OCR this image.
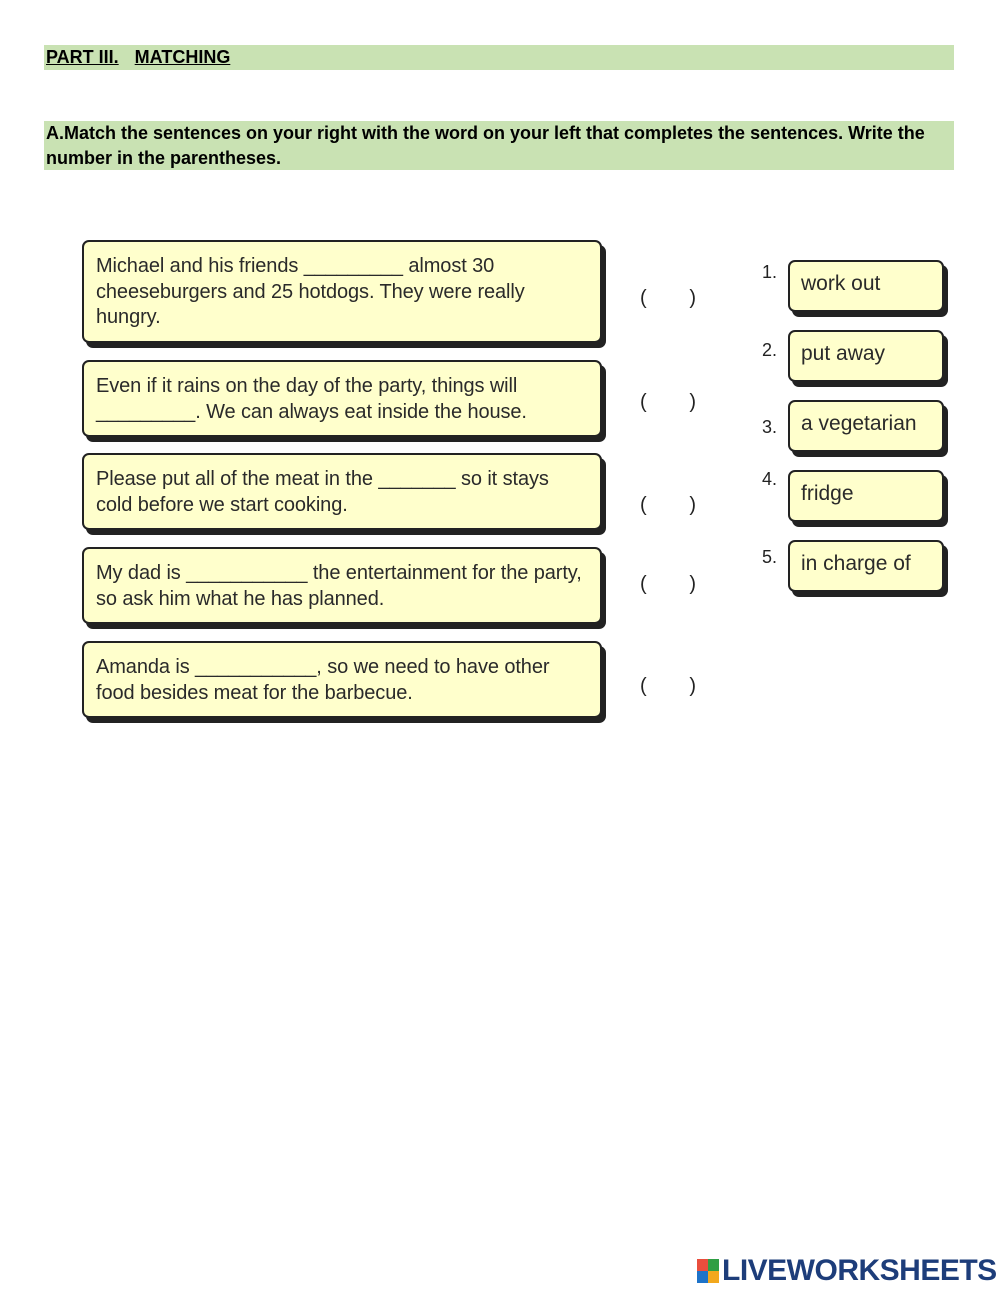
PART III. MATCHING
A.Match the sentences on your right with the word on your left that completes the sentences. Write the number in the parentheses.
Michael and his friends _________ almost 30 cheeseburgers and 25 hotdogs. They were really hungry.
( )
Even if it rains on the day of the party, things will _________. We can always eat inside the house.	( )
Please put all of the meat in the _______ so it stays cold before we start cooking.	( )
My dad is ___________ the entertainment for the party, so ask him what he has planned.
( )
Amanda is ___________, so we need to have other food besides meat for the barbecue.	( )
1.	work out
2.	put away
3.	a vegetarian
4.
fridge
5.	in charge of
LIVEWORKSHEETS
